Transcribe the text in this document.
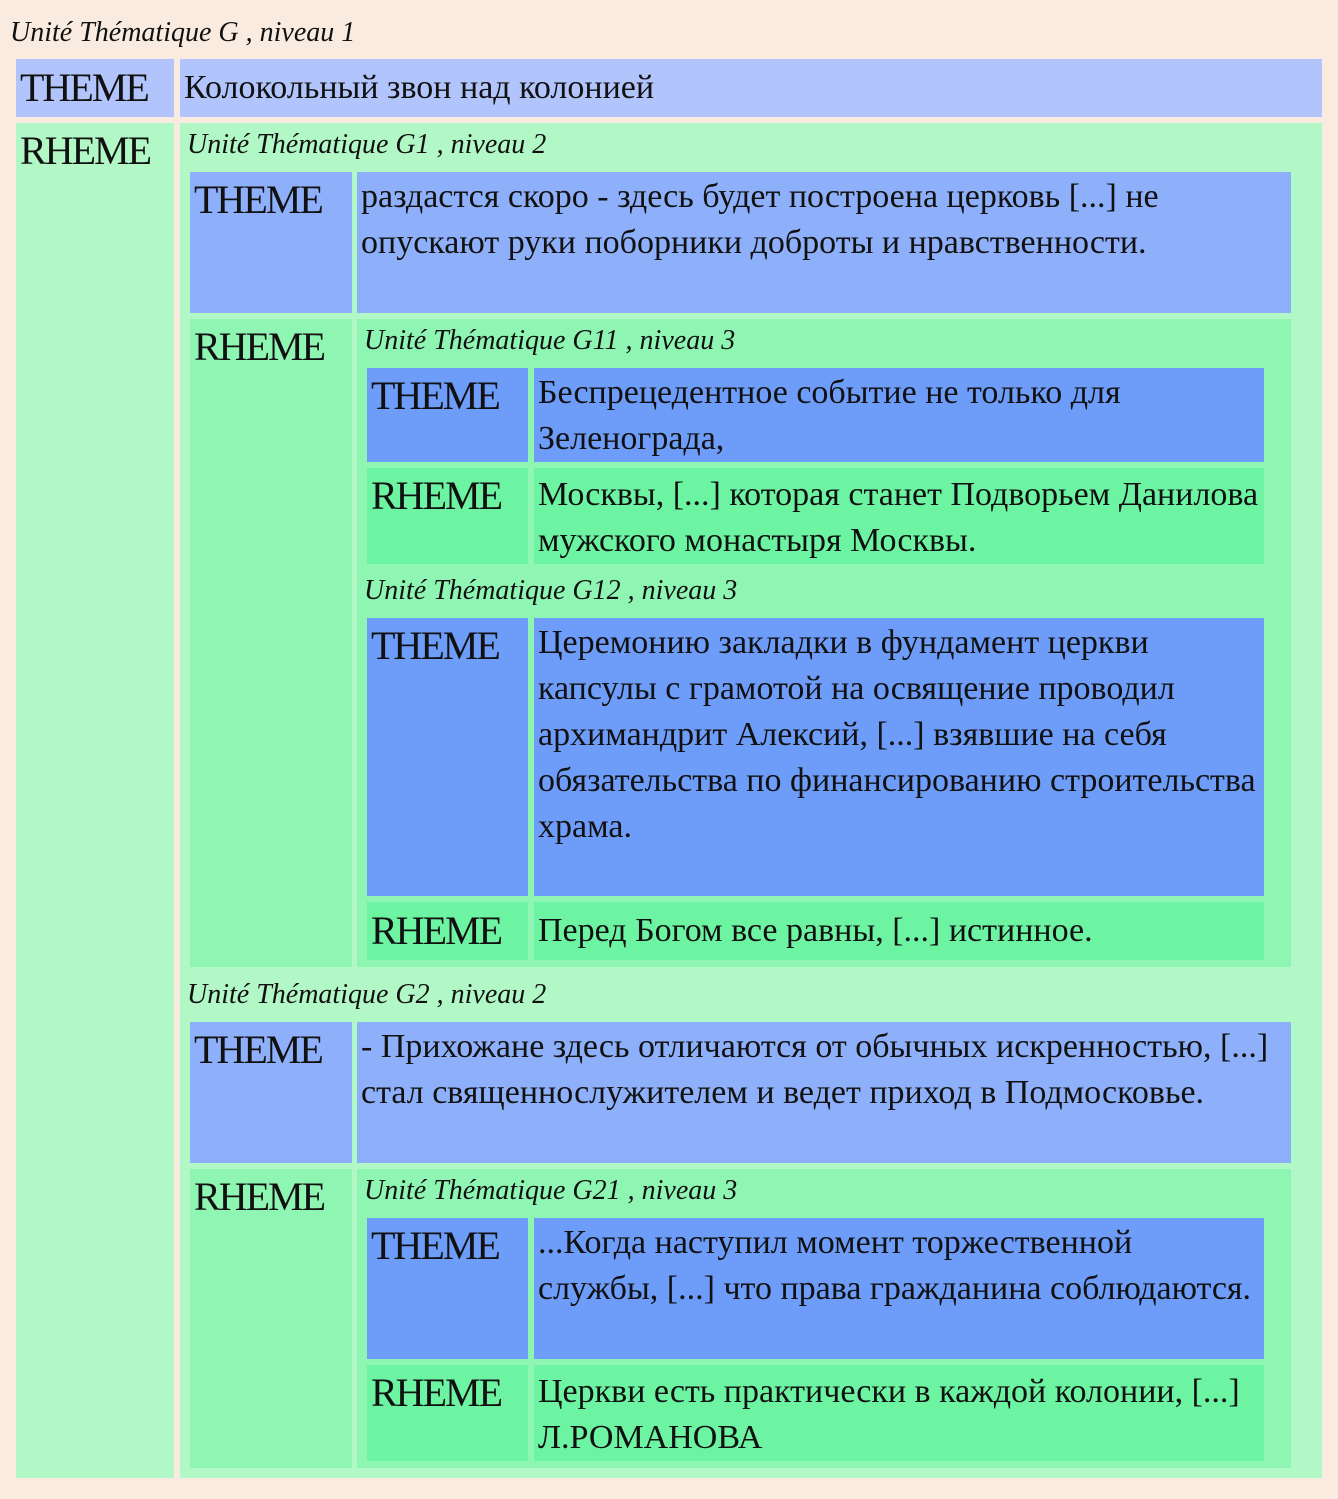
Unité Thématique G , niveau 1
THEME Колокольный звон над колонией
RHEME Unité Thématique G1 , niveau 2
THEME раздастся скоро - здесь будет построена церковь [...] не опускают руки поборники доброты и нравственности.
RHEME Unité Thématique G11 , niveau 3
THEME Беспрецедентное событие не только для Зеленограда,
RHEME Москвы, [...] которая станет Подворьем Данилова мужского монастыря Москвы.
Unité Thématique G12 , niveau 3
THEME Церемонию закладки в фундамент церкви капсулы с грамотой на освящение проводил архимандрит Алексий, [...] взявшие на себя обязательства по финансированию строительства храма.
RHEME Перед Богом все равны, [...] истинное.
Unité Thématique G2 , niveau 2
THEME - Прихожане здесь отличаются от обычных искренностью, [...] стал священнослужителем и ведет приход в Подмосковье.
RHEME Unité Thématique G21 , niveau 3
THEME ...Когда наступил момент торжественной службы, [...] что права гражданина соблюдаются.
RHEME Церкви есть практически в каждой колонии, [...] Л.РОМАНОВА
